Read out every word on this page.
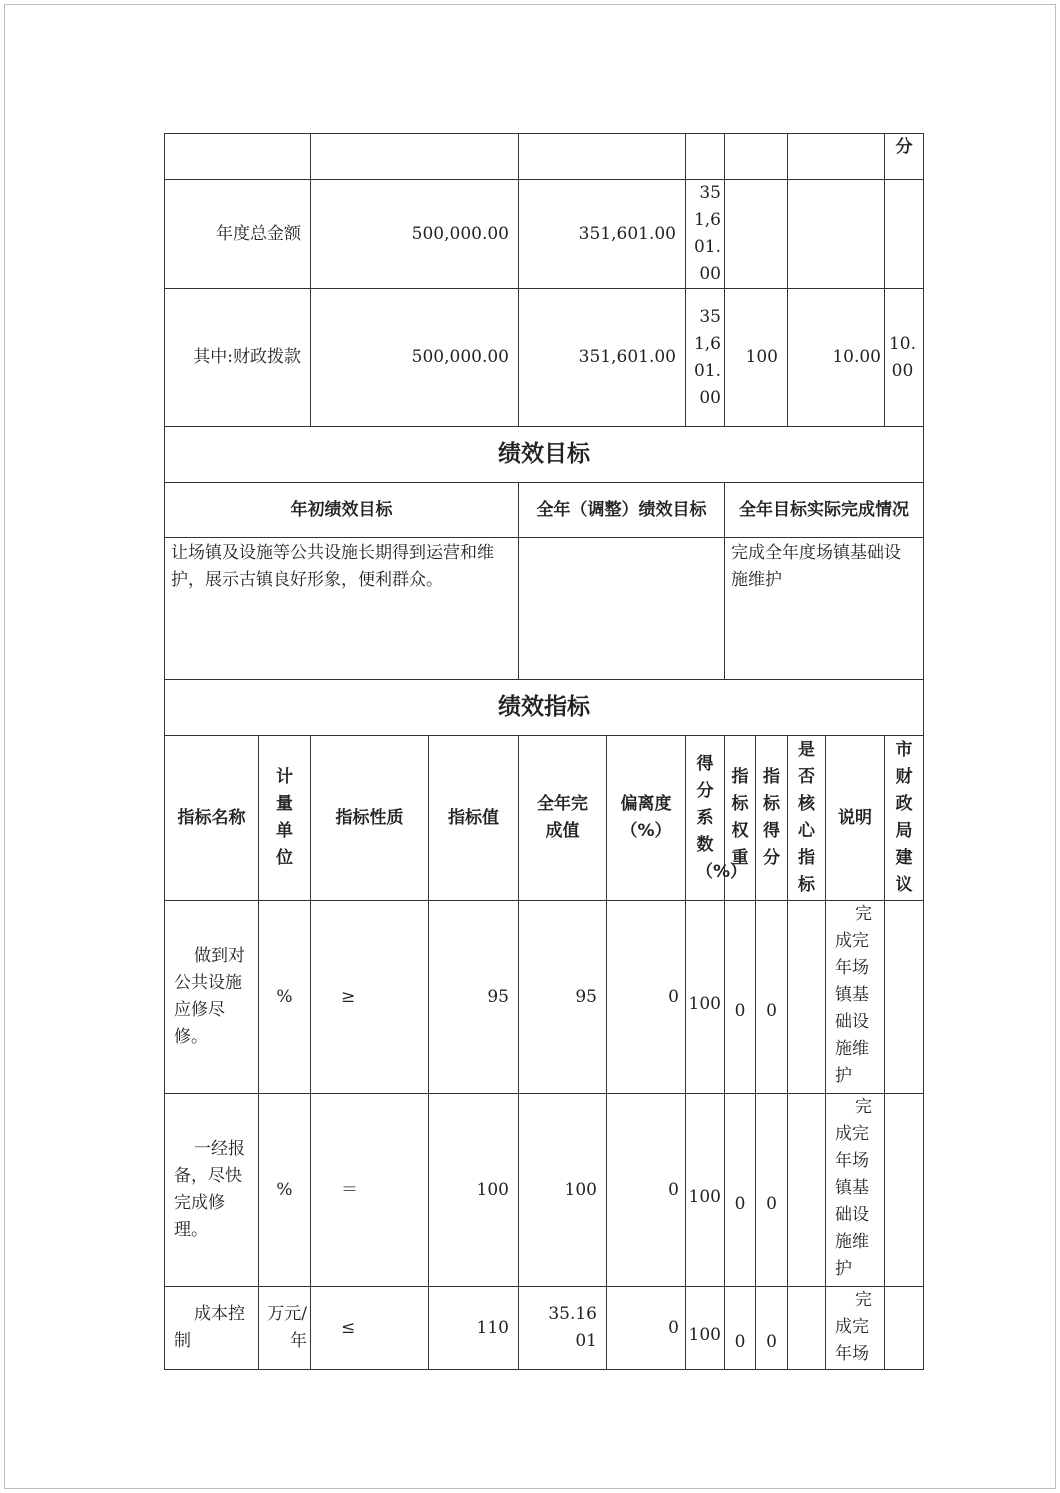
											分
年度总金额		500,000.00		351,601.00		351,601.00					
其中:财政拨款		500,000.00		351,601.00		351,601.00	100		10.00		10.00
绩效目标											
年初绩效目标				全年（调整）绩效目标			全年目标实际完成情况				
让场镇及设施等公共设施长期得到运营和维护，展示古镇良好形象，便利群众。							完成全年度场镇基础设施维护				
绩效指标											
指标名称	计量单位	指标性质	指标值	全年完成值	偏离度（%）	得分系数（%）	指标权重	指标得分	是否核心指标	说明	市财政局建议
做到对公共设施应修尽修。	%	≥	95	95	0	100	0	0		完成完年场镇基础设施维护	
一经报备，尽快完成修理。	%	＝	100	100	0	100	0	0		完成完年场镇基础设施维护	
成本控制	万元/年	≤	110	35.1601	0	100	0	0		完成完年场	
